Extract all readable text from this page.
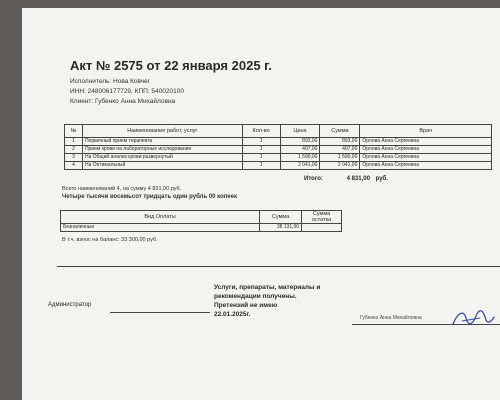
Акт № 2575 от 22 января 2025 г.
Исполнитель: Нова Ковчег
ИНН: 248006177729, КПП: 540020100
Клиент: Губенко Анна Михайловна
№	Наименование работ, услуг	Кол-во	Цена	Сумма	Врач
1	Первичный прием терапевта	1	893,00	893,00	Орлова Анна Сергеевна
2	Прием крови на лабораторные исследования	1	407,00	407,00	Орлова Анна Сергеевна
3	На Общий анализ крови развернутый	1	1 590,00	1 590,00	Орлова Анна Сергеевна
4	На Оптимальный	1	2 041,00	2 041,00	Орлова Анна Сергеевна
Итого:	4 831,00 руб.
Всего наименований 4, на сумму 4 831,00 руб.
Четыре тысячи восемьсот тридцать один рубль 00 копеек
Вид Оплаты	Сумма	Сумма остатка
Безналичные	38 131,00	
В т.ч. взнос на баланс: 33 300,00 руб.
Услуги, препараты, материалы и
рекомендации получены.
Претензий не имею
22.01.2025г.
Администратор
Губенко Анна Михайловна
